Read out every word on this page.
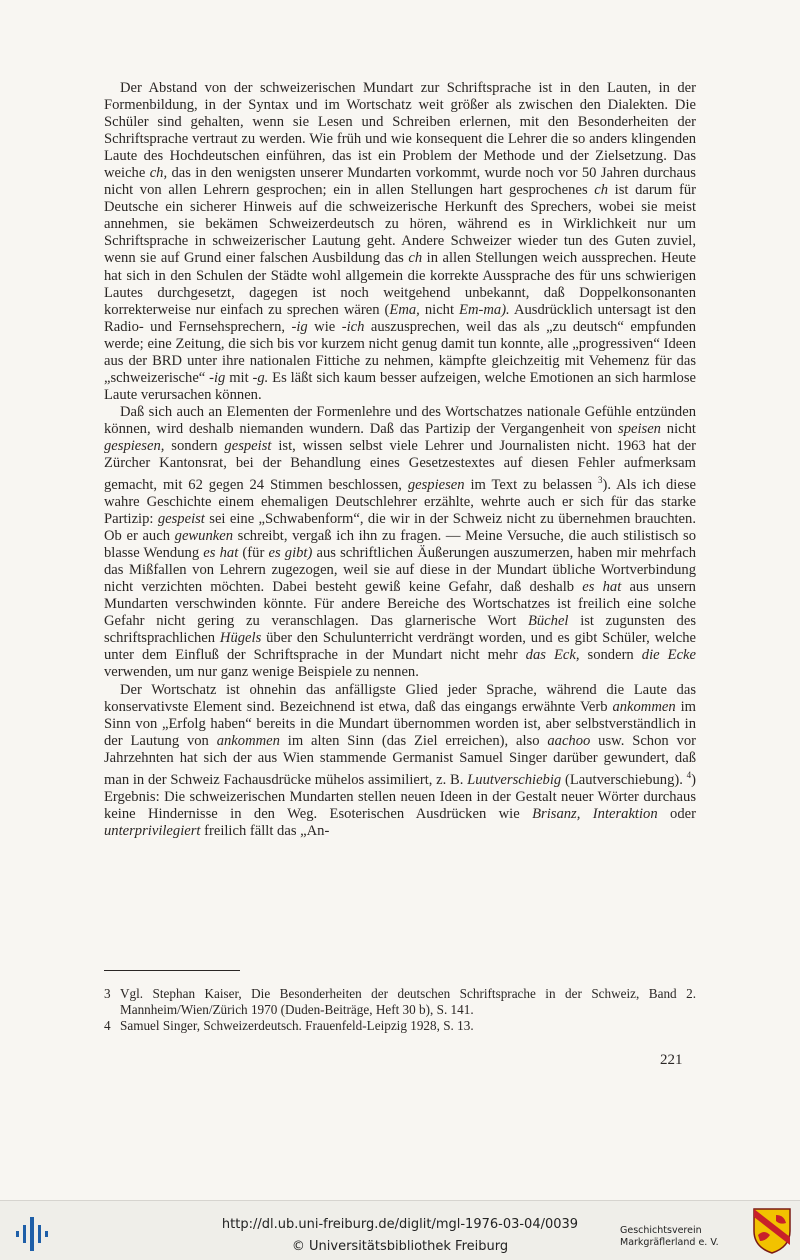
Der Abstand von der schweizerischen Mundart zur Schriftsprache ist in den Lauten, in der Formenbildung, in der Syntax und im Wortschatz weit größer als zwischen den Dialekten. Die Schüler sind gehalten, wenn sie Lesen und Schreiben erlernen, mit den Besonderheiten der Schriftsprache vertraut zu werden. Wie früh und wie konsequent die Lehrer die so anders klingenden Laute des Hochdeutschen einführen, das ist ein Problem der Methode und der Zielsetzung. Das weiche ch, das in den wenigsten unserer Mundarten vorkommt, wurde noch vor 50 Jahren durchaus nicht von allen Lehrern gesprochen; ein in allen Stellungen hart gesprochenes ch ist darum für Deutsche ein sicherer Hinweis auf die schweizerische Herkunft des Sprechers, wobei sie meist annehmen, sie bekämen Schweizerdeutsch zu hören, während es in Wirklichkeit nur um Schriftsprache in schweizerischer Lautung geht. Andere Schweizer wieder tun des Guten zuviel, wenn sie auf Grund einer falschen Ausbildung das ch in allen Stellungen weich aussprechen. Heute hat sich in den Schulen der Städte wohl allgemein die korrekte Aussprache des für uns schwierigen Lautes durchgesetzt, dagegen ist noch weitgehend unbekannt, daß Doppelkonsonanten korrekterweise nur einfach zu sprechen wären (Ema, nicht Em-ma). Ausdrücklich untersagt ist den Radio- und Fernsehsprechern, -ig wie -ich auszusprechen, weil das als „zu deutsch“ empfunden werde; eine Zeitung, die sich bis vor kurzem nicht genug damit tun konnte, alle „progressiven“ Ideen aus der BRD unter ihre nationalen Fittiche zu nehmen, kämpfte gleichzeitig mit Vehemenz für das „schweizerische“ -ig mit -g. Es läßt sich kaum besser aufzeigen, welche Emotionen an sich harmlose Laute verursachen können.

Daß sich auch an Elementen der Formenlehre und des Wortschatzes nationale Gefühle entzünden können, wird deshalb niemanden wundern. Daß das Partizip der Vergangenheit von speisen nicht gespiesen, sondern gespeist ist, wissen selbst viele Lehrer und Journalisten nicht. 1963 hat der Zürcher Kantonsrat, bei der Behandlung eines Gesetzestextes auf diesen Fehler aufmerksam gemacht, mit 62 gegen 24 Stimmen beschlossen, gespiesen im Text zu belassen $^3$). Als ich diese wahre Geschichte einem ehemaligen Deutschlehrer erzählte, wehrte auch er sich für das starke Partizip: gespeist sei eine „Schwabenform“, die wir in der Schweiz nicht zu übernehmen brauchten. Ob er auch gewunken schreibt, vergaß ich ihn zu fragen. — Meine Versuche, die auch stilistisch so blasse Wendung es hat (für es gibt) aus schriftlichen Äußerungen auszumerzen, haben mir mehrfach das Mißfallen von Lehrern zugezogen, weil sie auf diese in der Mundart übliche Wortverbindung nicht verzichten möchten. Dabei besteht gewiß keine Gefahr, daß deshalb es hat aus unsern Mundarten verschwinden könnte. Für andere Bereiche des Wortschatzes ist freilich eine solche Gefahr nicht gering zu veranschlagen. Das glarnerische Wort Büchel ist zugunsten des schriftsprachlichen Hügels über den Schulunterricht verdrängt worden, und es gibt Schüler, welche unter dem Einfluß der Schriftsprache in der Mundart nicht mehr das Eck, sondern die Ecke verwenden, um nur ganz wenige Beispiele zu nennen.

Der Wortschatz ist ohnehin das anfälligste Glied jeder Sprache, während die Laute das konservativste Element sind. Bezeichnend ist etwa, daß das eingangs erwähnte Verb ankommen im Sinn von „Erfolg haben“ bereits in die Mundart übernommen worden ist, aber selbstverständlich in der Lautung von ankommen im alten Sinn (das Ziel erreichen), also aachoo usw. Schon vor Jahrzehnten hat sich der aus Wien stammende Germanist Samuel Singer darüber gewundert, daß man in der Schweiz Fachausdrücke mühelos assimiliert, z. B. Luutverschiebig (Lautverschiebung). $^4$) Ergebnis: Die schweizerischen Mundarten stellen neuen Ideen in der Gestalt neuer Wörter durchaus keine Hindernisse in den Weg. Esoterischen Ausdrücken wie Brisanz, Interaktion oder unterprivilegiert freilich fällt das „An-

3 Vgl. Stephan Kaiser, Die Besonderheiten der deutschen Schriftsprache in der Schweiz, Band 2. Mannheim/Wien/Zürich 1970 (Duden-Beiträge, Heft 30 b), S. 141.
4 Samuel Singer, Schweizerdeutsch. Frauenfeld-Leipzig 1928, S. 13.
221
http://dl.ub.uni-freiburg.de/diglit/mgl-1976-03-04/0039
© Universitätsbibliothek Freiburg
Geschichtsverein
Markgräflerland e. V.
